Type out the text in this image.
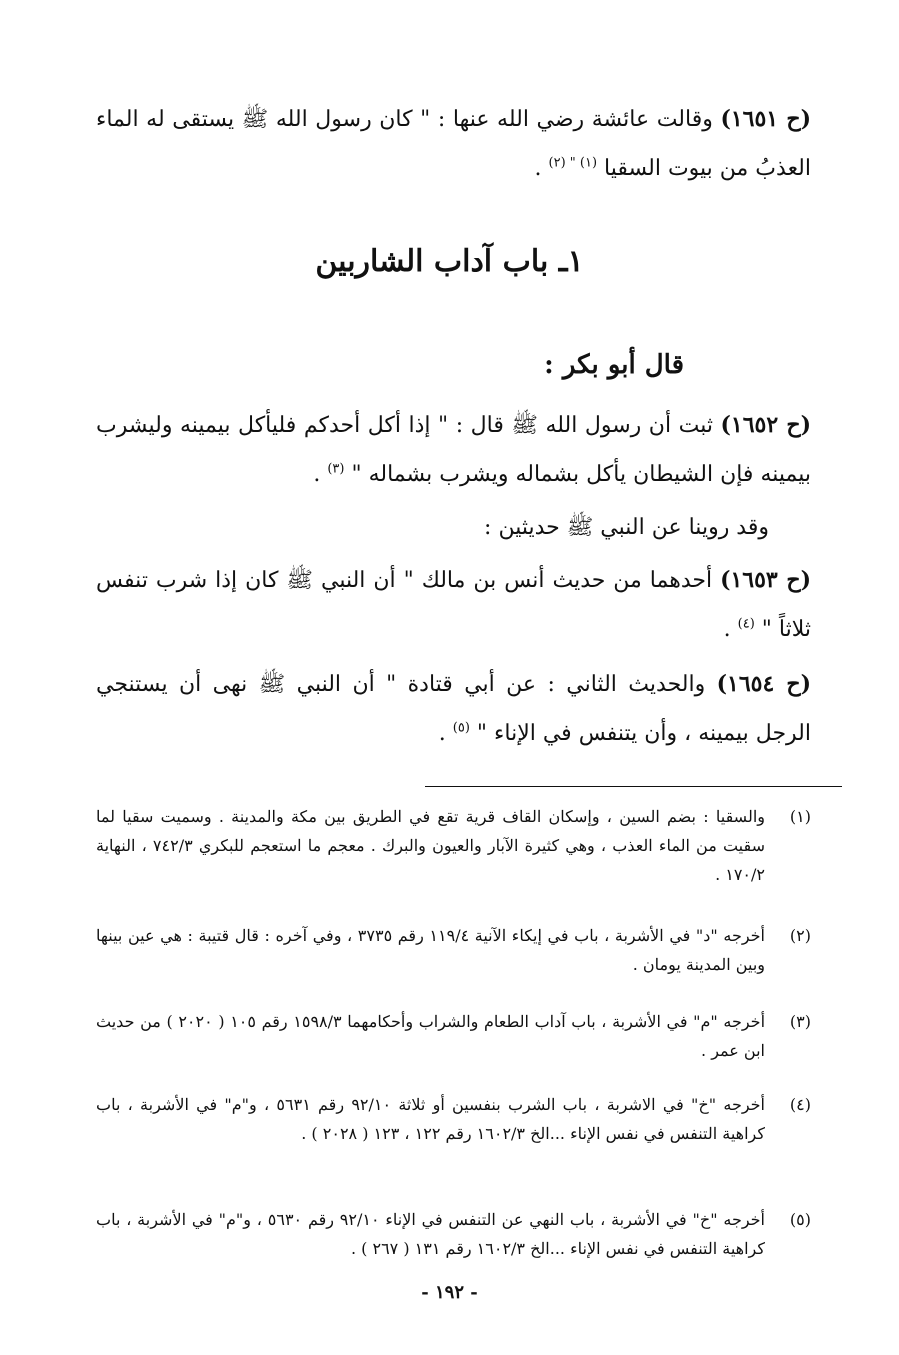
(ح ١٦٥١) وقالت عائشة رضي الله عنها : " كان رسول الله ﷺ يستقى له الماء العذبُ من بيوت السقيا $^{(١) " (٢)}$ .
١ـ باب آداب الشاربين
قال أبو بكر :
(ح ١٦٥٢) ثبت أن رسول الله ﷺ قال : " إذا أكل أحدكم فليأكل بيمينه وليشرب بيمينه فإن الشيطان يأكل بشماله ويشرب بشماله " $^{(٣)}$ .
وقد روينا عن النبي ﷺ حديثين :
(ح ١٦٥٣) أحدهما من حديث أنس بن مالك " أن النبي ﷺ كان إذا شرب تنفس ثلاثاً " $^{(٤)}$ .
(ح ١٦٥٤) والحديث الثاني : عن أبي قتادة " أن النبي ﷺ نهى أن يستنجي الرجل بيمينه ، وأن يتنفس في الإناء " $^{(٥)}$ .
(١)
والسقيا : بضم السين ، وإسكان القاف قرية تقع في الطريق بين مكة والمدينة . وسميت سقيا لما سقيت من الماء العذب ، وهي كثيرة الآبار والعيون والبرك . معجم ما استعجم للبكري ٧٤٢/٣ ، النهاية ١٧٠/٢ .
(٢)
أخرجه "د" في الأشربة ، باب في إيكاء الآنية ١١٩/٤ رقم ٣٧٣٥ ، وفي آخره : قال قتيبة : هي عين بينها وبين المدينة يومان .
(٣)
أخرجه "م" في الأشربة ، باب آداب الطعام والشراب وأحكامهما ١٥٩٨/٣ رقم ١٠٥ ( ٢٠٢٠ ) من حديث ابن عمر .
(٤)
أخرجه "خ" في الاشربة ، باب الشرب بنفسين أو ثلاثة ٩٢/١٠ رقم ٥٦٣١ ، و"م" في الأشربة ، باب كراهية التنفس في نفس الإناء ...الخ ١٦٠٢/٣ رقم ١٢٢ ، ١٢٣ ( ٢٠٢٨ ) .
(٥)
أخرجه "خ" في الأشربة ، باب النهي عن التنفس في الإناء ٩٢/١٠ رقم ٥٦٣٠ ، و"م" في الأشربة ، باب كراهية التنفس في نفس الإناء ...الخ ١٦٠٢/٣ رقم ١٣١ ( ٢٦٧ ) .
- ١٩٢ -
